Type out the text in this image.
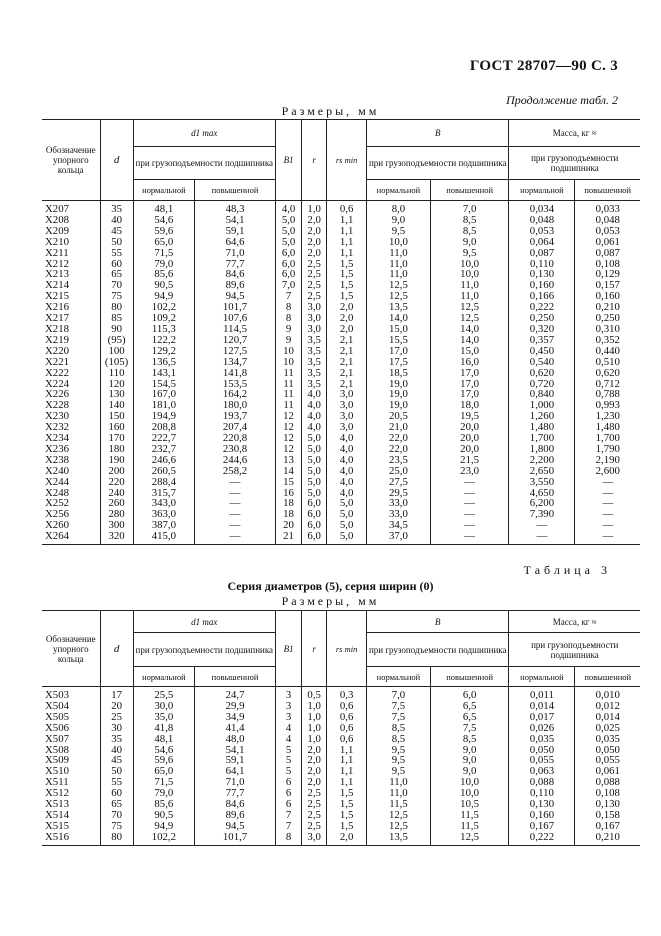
ГОСТ 28707—90 С. 3
Продолжение табл. 2
Размеры, мм
Обозначение упорного кольца	d	d1 max		B1	r	rs min	B		Масса, кг ≈	
		при грузоподъемности подшипника					при грузоподъемности подшипника		при грузоподъемности подшипника	
		нормальной	повышенной				нормальной	повышенной	нормальной	повышенной
X207	35	48,1	48,3	4,0	1,0	0,6	8,0	7,0	0,034	0,033
X208	40	54,6	54,1	5,0	2,0	1,1	9,0	8,5	0,048	0,048
X209	45	59,6	59,1	5,0	2,0	1,1	9,5	8,5	0,053	0,053
X210	50	65,0	64,6	5,0	2,0	1,1	10,0	9,0	0,064	0,061
X211	55	71,5	71,0	6,0	2,0	1,1	11,0	9,5	0,087	0,087
X212	60	79,0	77,7	6,0	2,5	1,5	11,0	10,0	0,110	0,108
X213	65	85,6	84,6	6,0	2,5	1,5	11,0	10,0	0,130	0,129
X214	70	90,5	89,6	7,0	2,5	1,5	12,5	11,0	0,160	0,157
X215	75	94,9	94,5	7	2,5	1,5	12,5	11,0	0,166	0,160
X216	80	102,2	101,7	8	3,0	2,0	13,5	12,5	0,222	0,210
X217	85	109,2	107,6	8	3,0	2,0	14,0	12,5	0,250	0,250
X218	90	115,3	114,5	9	3,0	2,0	15,0	14,0	0,320	0,310
X219	(95)	122,2	120,7	9	3,5	2,1	15,5	14,0	0,357	0,352
X220	100	129,2	127,5	10	3,5	2,1	17,0	15,0	0,450	0,440
X221	(105)	136,5	134,7	10	3,5	2,1	17,5	16,0	0,540	0,510
X222	110	143,1	141,8	11	3,5	2,1	18,5	17,0	0,620	0,620
X224	120	154,5	153,5	11	3,5	2,1	19,0	17,0	0,720	0,712
X226	130	167,0	164,2	11	4,0	3,0	19,0	17,0	0,840	0,788
X228	140	181,0	180,0	11	4,0	3,0	19,0	18,0	1,000	0,993
X230	150	194,9	193,7	12	4,0	3,0	20,5	19,5	1,260	1,230
X232	160	208,8	207,4	12	4,0	3,0	21,0	20,0	1,480	1,480
X234	170	222,7	220,8	12	5,0	4,0	22,0	20,0	1,700	1,700
X236	180	232,7	230,8	12	5,0	4,0	22,0	20,0	1,800	1,790
X238	190	246,6	244,6	13	5,0	4,0	23,5	21,5	2,200	2,190
X240	200	260,5	258,2	14	5,0	4,0	25,0	23,0	2,650	2,600
X244	220	288,4	—	15	5,0	4,0	27,5	—	3,550	—
X248	240	315,7	—	16	5,0	4,0	29,5	—	4,650	—
X252	260	343,0	—	18	6,0	5,0	33,0	—	6,200	—
X256	280	363,0	—	18	6,0	5,0	33,0	—	7,390	—
X260	300	387,0	—	20	6,0	5,0	34,5	—	—	—
X264	320	415,0	—	21	6,0	5,0	37,0	—	—	—
Таблица 3
Серия диаметров (5), серия ширин (0)
Размеры, мм
Обозначение упорного кольца	d	d1 max		B1	r	rs min	B		Масса, кг ≈	
		при грузоподъемности подшипника					при грузоподъемности подшипника		при грузоподъемности подшипника	
		нормальной	повышенной				нормальной	повышенной	нормальной	повышенной
X503	17	25,5	24,7	3	0,5	0,3	7,0	6,0	0,011	0,010
X504	20	30,0	29,9	3	1,0	0,6	7,5	6,5	0,014	0,012
X505	25	35,0	34,9	3	1,0	0,6	7,5	6,5	0,017	0,014
X506	30	41,8	41,4	4	1,0	0,6	8,5	7,5	0,026	0,025
X507	35	48,1	48,0	4	1,0	0,6	8,5	8,5	0,035	0,035
X508	40	54,6	54,1	5	2,0	1,1	9,5	9,0	0,050	0,050
X509	45	59,6	59,1	5	2,0	1,1	9,5	9,0	0,055	0,055
X510	50	65,0	64,1	5	2,0	1,1	9,5	9,0	0,063	0,061
X511	55	71,5	71,0	6	2,0	1,1	11,0	10,0	0,088	0,088
X512	60	79,0	77,7	6	2,5	1,5	11,0	10,0	0,110	0,108
X513	65	85,6	84,6	6	2,5	1,5	11,5	10,5	0,130	0,130
X514	70	90,5	89,6	7	2,5	1,5	12,5	11,5	0,160	0,158
X515	75	94,9	94,5	7	2,5	1,5	12,5	11,5	0,167	0,167
X516	80	102,2	101,7	8	3,0	2,0	13,5	12,5	0,222	0,210
